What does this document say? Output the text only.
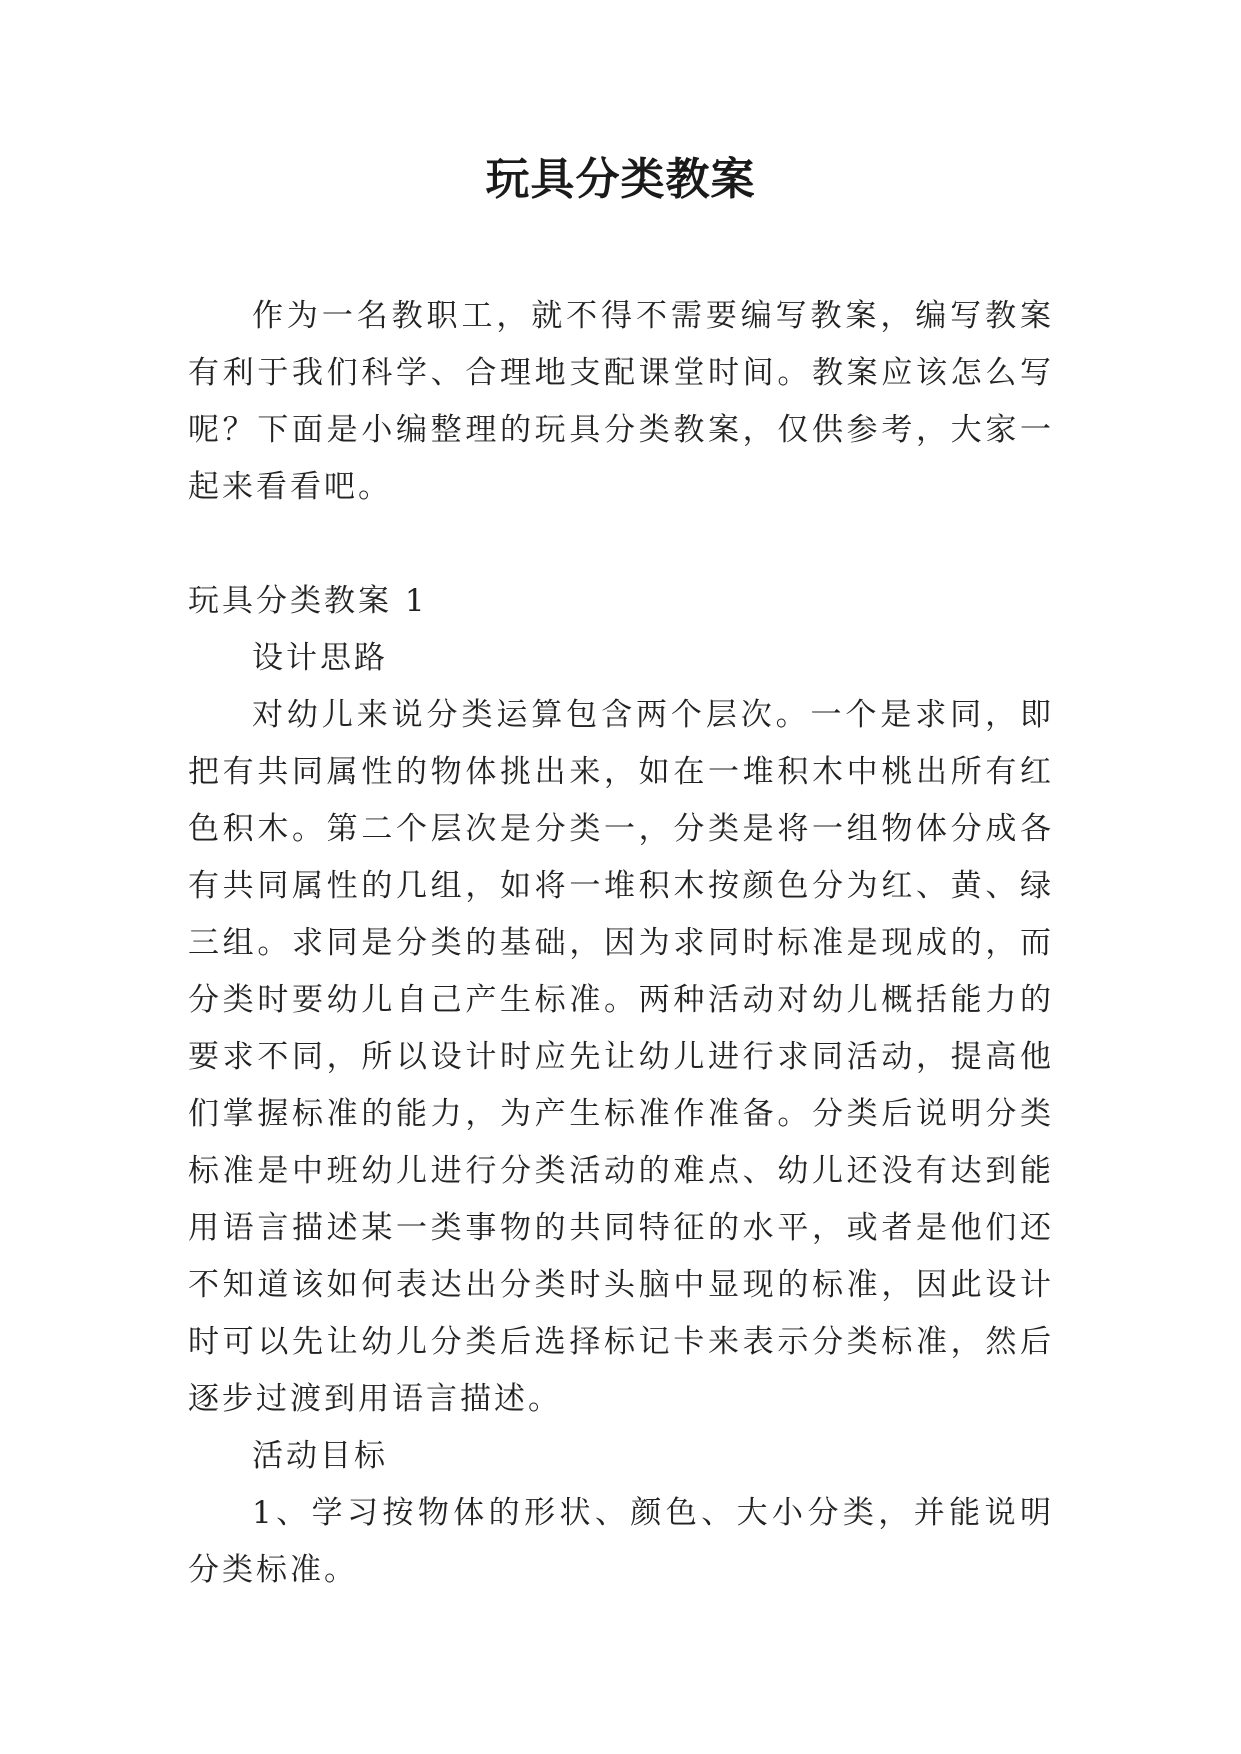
玩具分类教案

作为一名教职工，就不得不需要编写教案，编写教案有利于我们科学、合理地支配课堂时间。教案应该怎么写呢？下面是小编整理的玩具分类教案，仅供参考，大家一起来看看吧。

玩具分类教案 1

设计思路

对幼儿来说分类运算包含两个层次。一个是求同，即把有共同属性的物体挑出来，如在一堆积木中桃出所有红色积木。第二个层次是分类一，分类是将一组物体分成各有共同属性的几组，如将一堆积木按颜色分为红、黄、绿三组。求同是分类的基础，因为求同时标准是现成的，而分类时要幼儿自己产生标准。两种活动对幼儿概括能力的要求不同，所以设计时应先让幼儿进行求同活动，提高他们掌握标准的能力，为产生标准作准备。分类后说明分类标准是中班幼儿进行分类活动的难点、幼儿还没有达到能用语言描述某一类事物的共同特征的水平，或者是他们还不知道该如何表达出分类时头脑中显现的标准，因此设计时可以先让幼儿分类后选择标记卡来表示分类标准，然后逐步过渡到用语言描述。

活动目标

1、学习按物体的形状、颜色、大小分类，并能说明分类标准。
